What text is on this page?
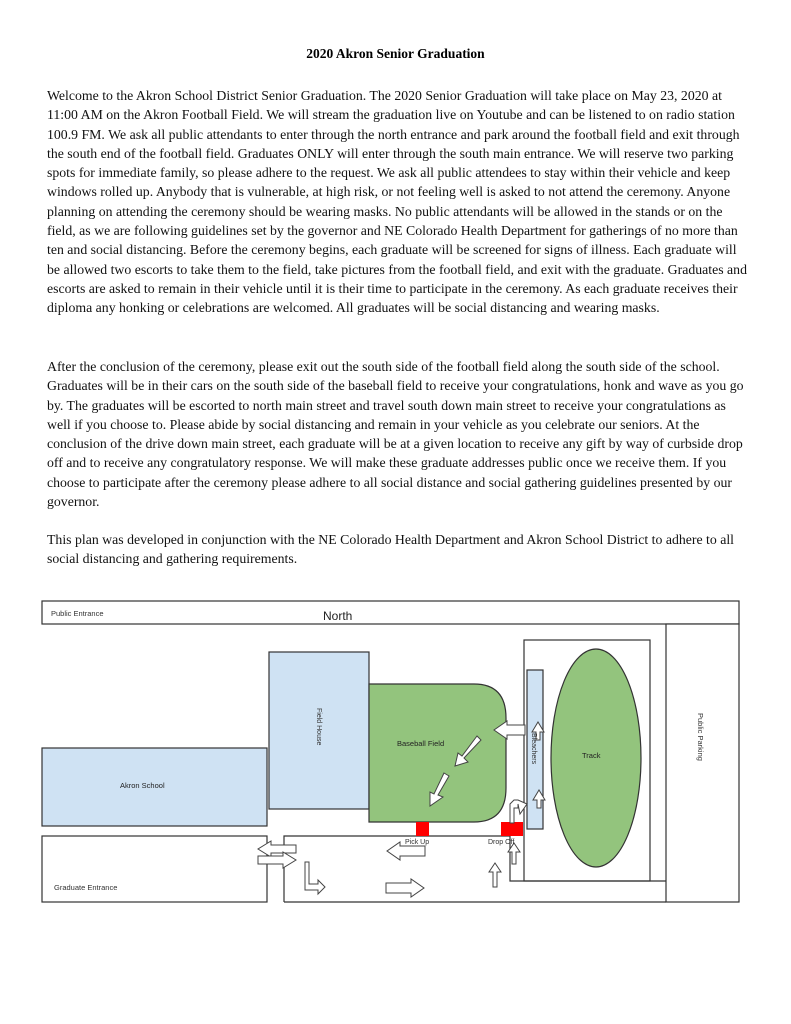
2020 Akron Senior Graduation

Welcome to the Akron School District Senior Graduation. The 2020 Senior Graduation will take place on May 23, 2020 at 11:00 AM on the Akron Football Field. We will stream the graduation live on Youtube and can be listened to on radio station 100.9 FM. We ask all public attendants to enter through the north entrance and park around the football field and exit through the south end of the football field. Graduates ONLY will enter through the south main entrance. We will reserve two parking spots for immediate family, so please adhere to the request. We ask all public attendees to stay within their vehicle and keep windows rolled up. Anybody that is vulnerable, at high risk, or not feeling well is asked to not attend the ceremony. Anyone planning on attending the ceremony should be wearing masks. No public attendants will be allowed in the stands or on the field, as we are following guidelines set by the governor and NE Colorado Health Department for gatherings of no more than ten and social distancing. Before the ceremony begins, each graduate will be screened for signs of illness. Each graduate will be allowed two escorts to take them to the field, take pictures from the football field, and exit with the graduate. Graduates and escorts are asked to remain in their vehicle until it is their time to participate in the ceremony. As each graduate receives their diploma any honking or celebrations are welcomed. All graduates will be social distancing and wearing masks.

After the conclusion of the ceremony, please exit out the south side of the football field along the south side of the school. Graduates will be in their cars on the south side of the baseball field to receive your congratulations, honk and wave as you go by. The graduates will be escorted to north main street and travel south down main street to receive your congratulations as well if you choose to. Please abide by social distancing and remain in your vehicle as you celebrate our seniors. At the conclusion of the drive down main street, each graduate will be at a given location to receive any gift by way of curbside drop off and to receive any congratulatory response. We will make these graduate addresses public once we receive them. If you choose to participate after the ceremony please adhere to all social distance and social gathering guidelines presented by our governor.

This plan was developed in conjunction with the NE Colorado Health Department and Akron School District to adhere to all social distancing and gathering requirements.

Public Entrance	North
Field House	Baseball Field	Bleachers	Track	Public Parking
Akron School
Pick Up	Drop Off
Graduate Entrance
